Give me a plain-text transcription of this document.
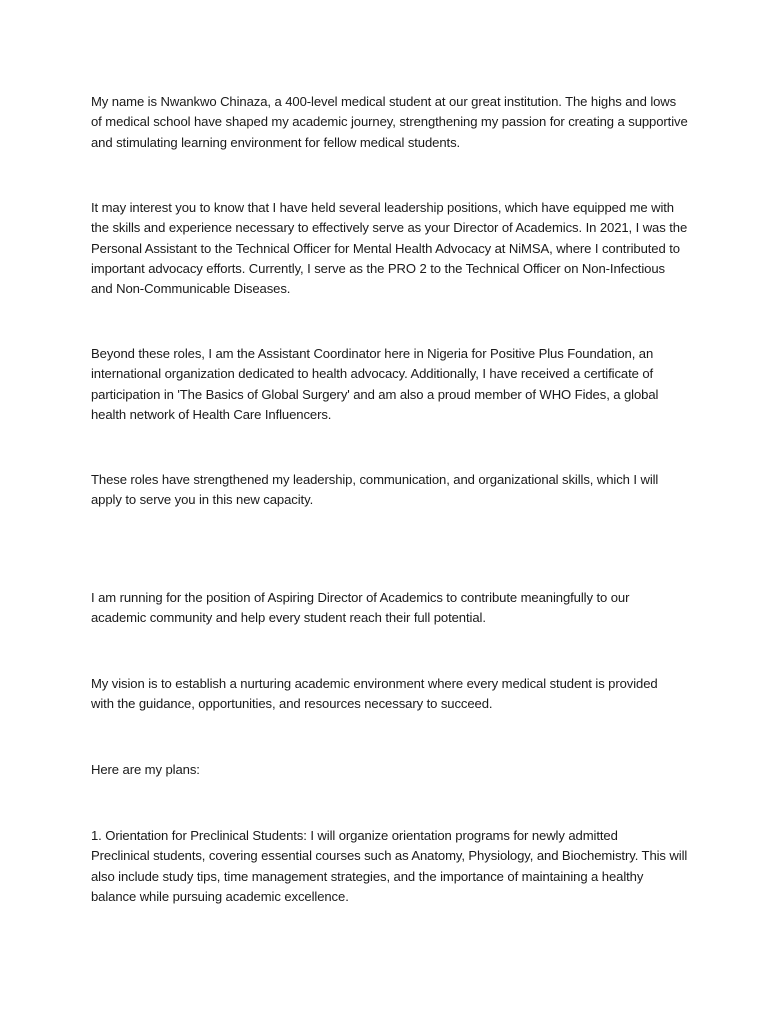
My name is Nwankwo Chinaza, a 400-level medical student at our great institution. The highs and lows
of medical school have shaped my academic journey, strengthening my passion for creating a supportive
and stimulating learning environment for fellow medical students.

It may interest you to know that I have held several leadership positions, which have equipped me with
the skills and experience necessary to effectively serve as your Director of Academics. In 2021, I was the
Personal Assistant to the Technical Officer for Mental Health Advocacy at NiMSA, where I contributed to
important advocacy efforts. Currently, I serve as the PRO 2 to the Technical Officer on Non-Infectious
and Non-Communicable Diseases.

Beyond these roles, I am the Assistant Coordinator here in Nigeria for Positive Plus Foundation, an
international organization dedicated to health advocacy. Additionally, I have received a certificate of
participation in 'The Basics of Global Surgery' and am also a proud member of WHO Fides, a global
health network of Health Care Influencers.

These roles have strengthened my leadership, communication, and organizational skills, which I will
apply to serve you in this new capacity.

I am running for the position of Aspiring Director of Academics to contribute meaningfully to our
academic community and help every student reach their full potential.

My vision is to establish a nurturing academic environment where every medical student is provided
with the guidance, opportunities, and resources necessary to succeed.

Here are my plans:

1. Orientation for Preclinical Students: I will organize orientation programs for newly admitted
Preclinical students, covering essential courses such as Anatomy, Physiology, and Biochemistry. This will
also include study tips, time management strategies, and the importance of maintaining a healthy
balance while pursuing academic excellence.
